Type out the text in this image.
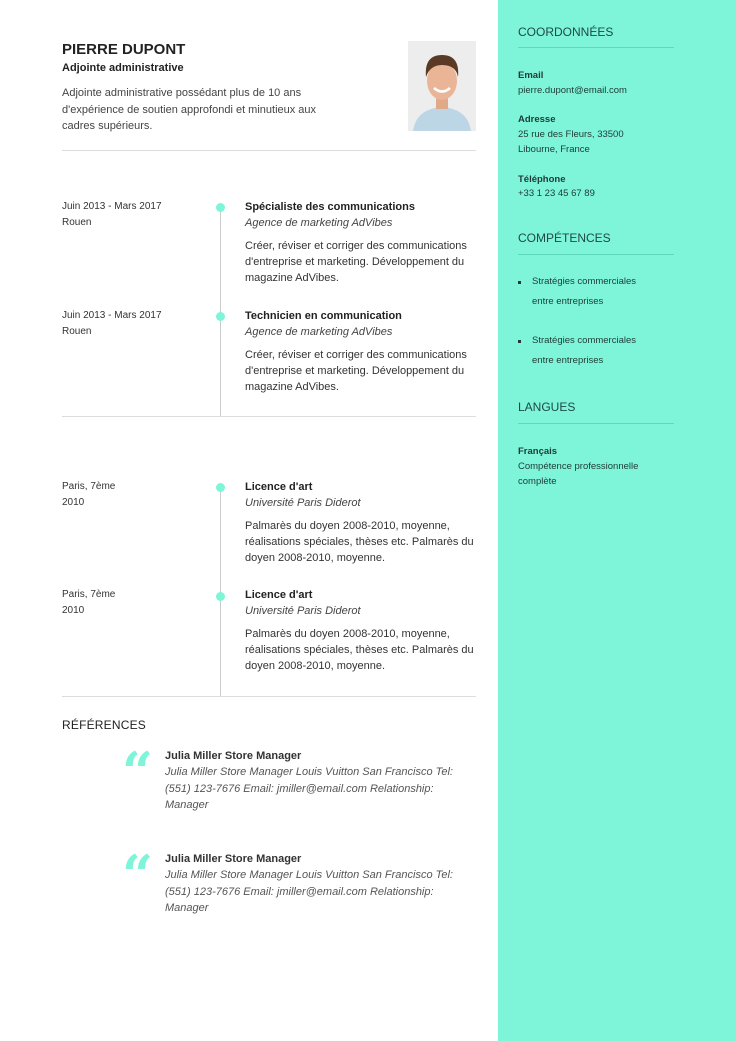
PIERRE DUPONT
Adjointe administrative
Adjointe administrative possédant plus de 10 ans d'expérience de soutien approfondi et minutieux aux cadres supérieurs.
Juin 2013 - Mars 2017
Rouen
Spécialiste des communications
Agence de marketing AdVibes
Créer, réviser et corriger des communications d'entreprise et marketing. Développement du magazine AdVibes.
Juin 2013 - Mars 2017
Rouen
Technicien en communication
Agence de marketing AdVibes
Créer, réviser et corriger des communications d'entreprise et marketing. Développement du magazine AdVibes.
Paris, 7ème
2010
Licence d'art
Université Paris Diderot
Palmarès du doyen 2008-2010, moyenne, réalisations spéciales, thèses etc. Palmarès du doyen 2008-2010, moyenne.
Paris, 7ème
2010
Licence d'art
Université Paris Diderot
Palmarès du doyen 2008-2010, moyenne, réalisations spéciales, thèses etc. Palmarès du doyen 2008-2010, moyenne.
RÉFÉRENCES
“ Julia Miller Store Manager
Julia Miller Store Manager Louis Vuitton San Francisco Tel: (551) 123-7676 Email: jmiller@email.com Relationship: Manager
“ Julia Miller Store Manager
Julia Miller Store Manager Louis Vuitton San Francisco Tel: (551) 123-7676 Email: jmiller@email.com Relationship: Manager
COORDONNÉES
Email
pierre.dupont@email.com
Adresse
25 rue des Fleurs, 33500 Libourne, France
Téléphone
+33 1 23 45 67 89
COMPÉTENCES
Stratégies commerciales entre entreprises
Stratégies commerciales entre entreprises
LANGUES
Français
Compétence professionnelle complète
